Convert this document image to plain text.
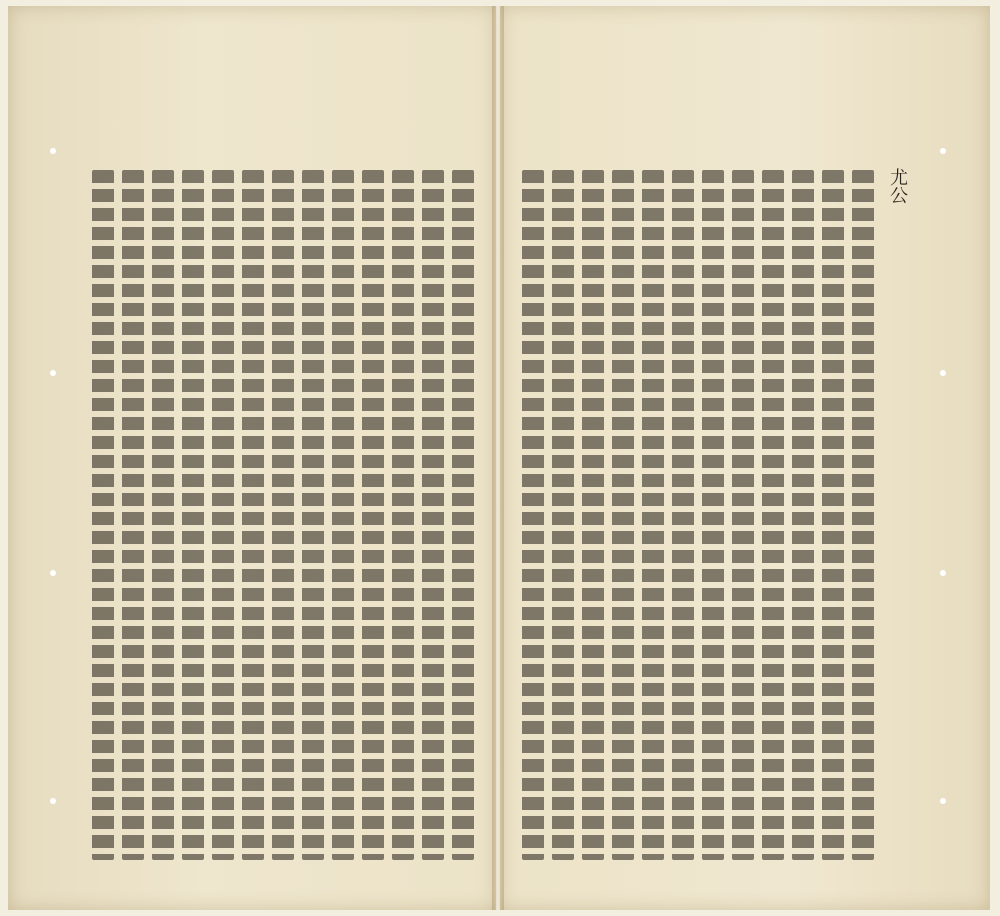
尤公
